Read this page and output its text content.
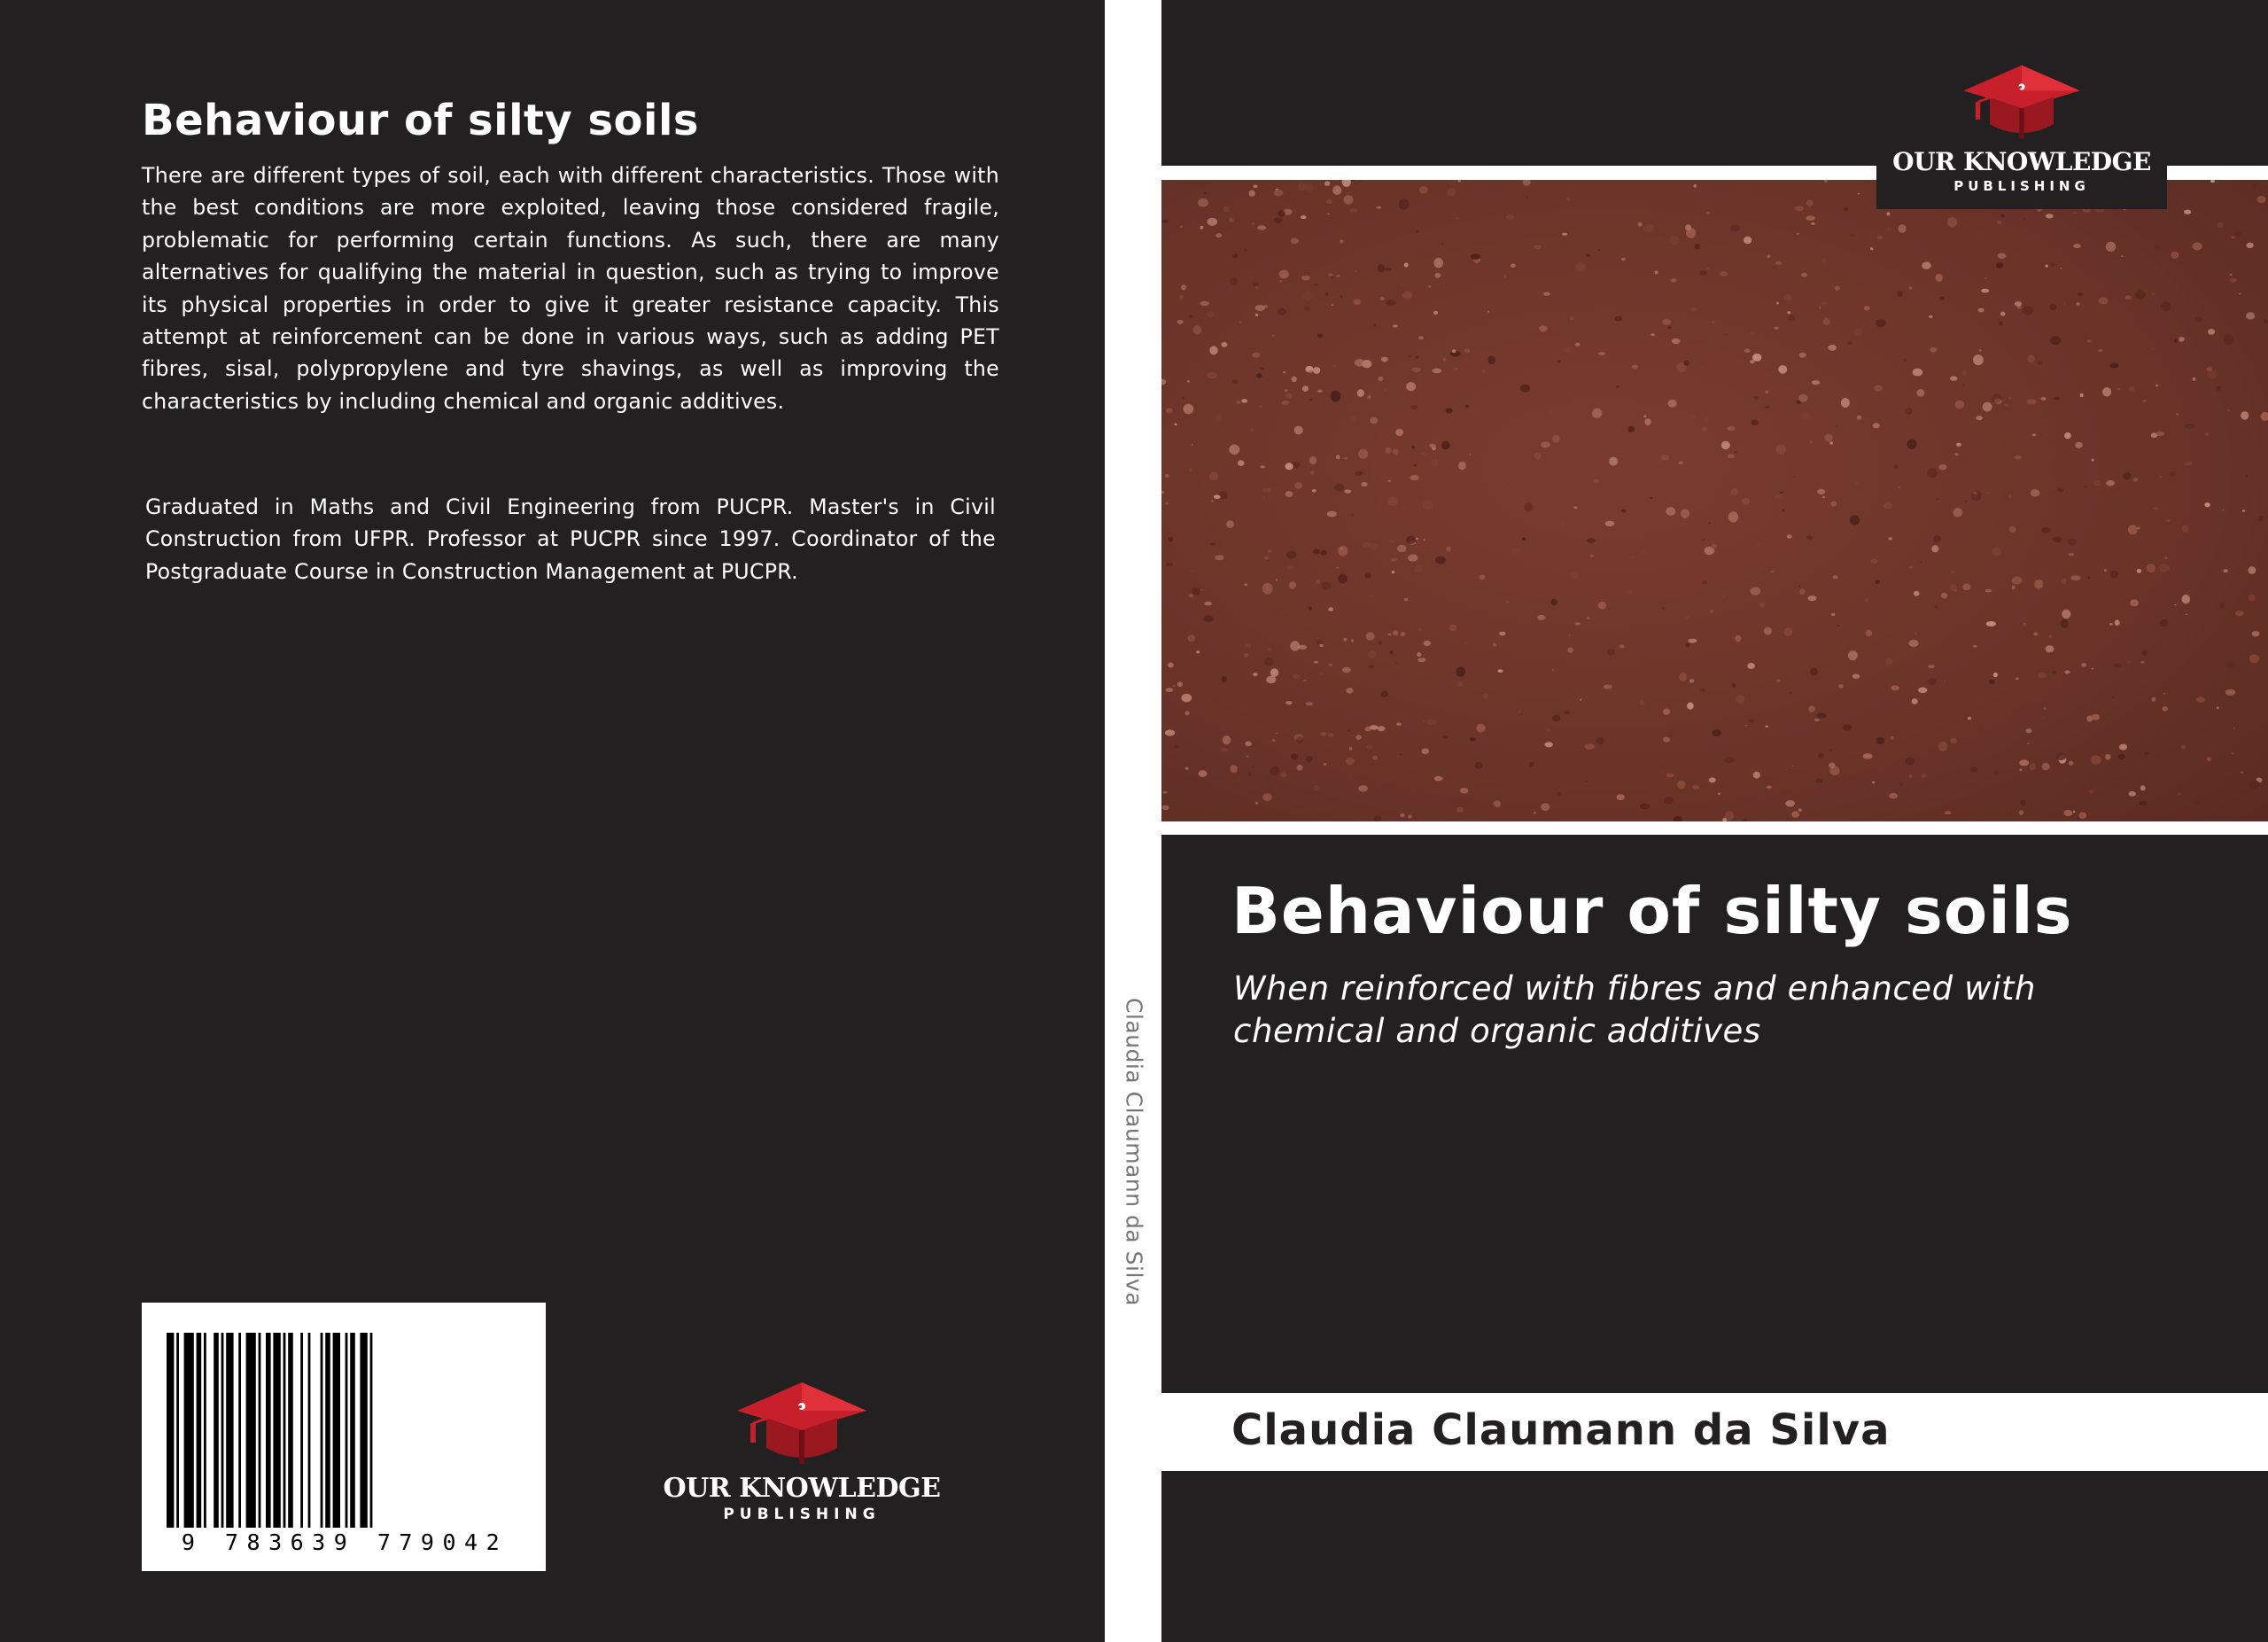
Behaviour of silty soils
There are different types of soil, each with different characteristics. Those with the best conditions are more exploited, leaving those considered fragile, problematic for performing certain functions. As such, there are many alternatives for qualifying the material in question, such as trying to improve its physical properties in order to give it greater resistance capacity. This attempt at reinforcement can be done in various ways, such as adding PET fibres, sisal, polypropylene and tyre shavings, as well as improving the characteristics by including chemical and organic additives.
Graduated in Maths and Civil Engineering from PUCPR. Master's in Civil Construction from UFPR. Professor at PUCPR since 1997. Coordinator of the Postgraduate Course in Construction Management at PUCPR.
9 783639 779042
OUR KNOWLEDGE
PUBLISHING
Claudia Claumann da Silva
OUR KNOWLEDGE
PUBLISHING
Behaviour of silty soils
When reinforced with fibres and enhanced with chemical and organic additives
Claudia Claumann da Silva
